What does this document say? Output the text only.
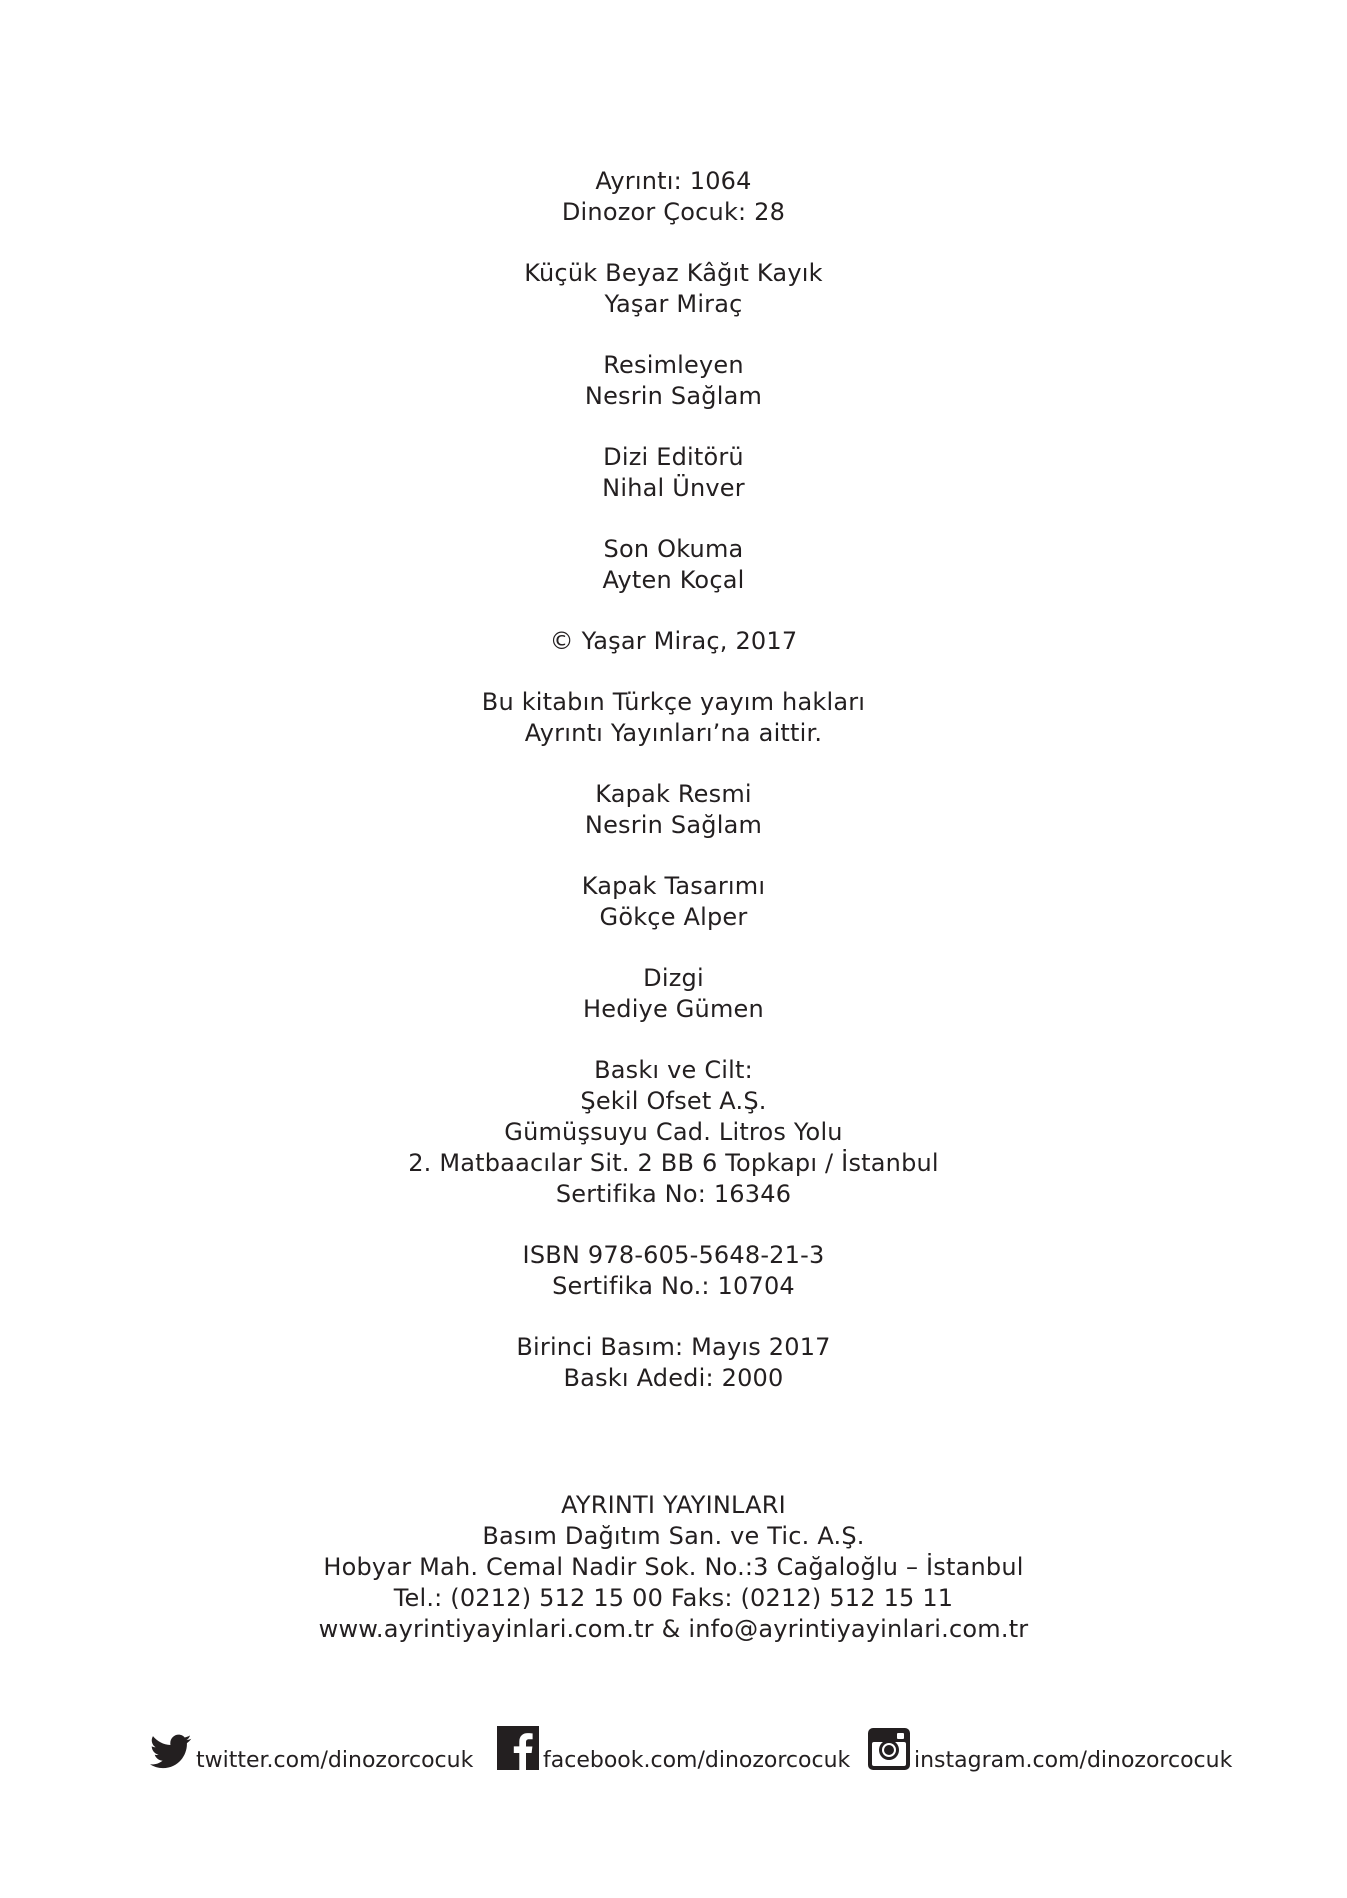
Ayrıntı: 1064
Dinozor Çocuk: 28
Küçük Beyaz Kâğıt Kayık
Yaşar Miraç
Resimleyen
Nesrin Sağlam
Dizi Editörü
Nihal Ünver
Son Okuma
Ayten Koçal
© Yaşar Miraç, 2017
Bu kitabın Türkçe yayım hakları
Ayrıntı Yayınları’na aittir.
Kapak Resmi
Nesrin Sağlam
Kapak Tasarımı
Gökçe Alper
Dizgi
Hediye Gümen
Baskı ve Cilt:
Şekil Ofset A.Ş.
Gümüşsuyu Cad. Litros Yolu
2. Matbaacılar Sit. 2 BB 6 Topkapı / İstanbul
Sertifika No: 16346
ISBN 978-605-5648-21-3
Sertifika No.: 10704
Birinci Basım: Mayıs 2017
Baskı Adedi: 2000
AYRINTI YAYINLARI
Basım Dağıtım San. ve Tic. A.Ş.
Hobyar Mah. Cemal Nadir Sok. No.:3 Cağaloğlu – İstanbul
Tel.: (0212) 512 15 00 Faks: (0212) 512 15 11
www.ayrintiyayinlari.com.tr & info@ayrintiyayinlari.com.tr
twitter.com/dinozorcocuk	facebook.com/dinozorcocuk	instagram.com/dinozorcocuk
